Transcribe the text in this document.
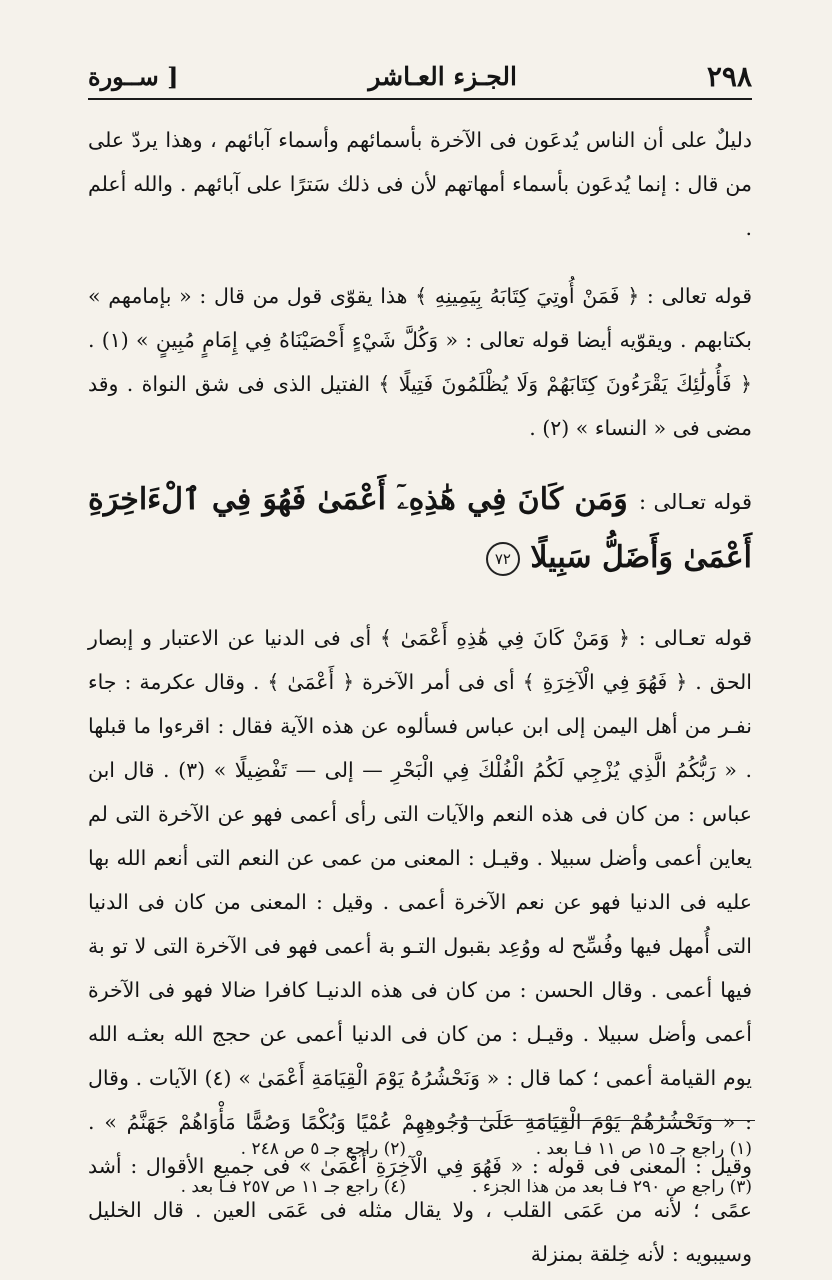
٢٩٨
الجـزء العـاشر
[ ســورة

دليلٌ على أن الناس يُدعَون فى الآخرة بأسمائهم وأسماء آبائهم ، وهذا يردّ على من قال : إنما يُدعَون بأسماء أمهاتهم لأن فى ذلك سَترًا على آبائهم . والله أعلم .

قوله تعالى : ﴿ فَمَنْ أُوتِيَ كِتَابَهُ بِيَمِينِهِ ﴾ هذا يقوّى قول من قال : « بإمامهم » بكتابهم . ويقوّيه أيضا قوله تعالى : « وَكُلَّ شَيْءٍ أَحْصَيْنَاهُ فِي إِمَامٍ مُبِينٍ » (١) . ﴿ فَأُولَٰئِكَ يَقْرَءُونَ كِتَابَهُمْ وَلَا يُظْلَمُونَ فَتِيلًا ﴾ الفتيل الذى فى شق النواة . وقد مضى فى « النساء » (٢) .

قوله تعـالى : وَمَن كَانَ فِي هَٰذِهِۦٓ أَعْمَىٰ فَهُوَ فِي ٱلْءَاخِرَةِ أَعْمَىٰ وَأَضَلُّ سَبِيلًا ٧٢

قوله تعـالى : ﴿ وَمَنْ كَانَ فِي هَٰذِهِ أَعْمَىٰ ﴾ أى فى الدنيا عن الاعتبار و إبصار الحق . ﴿ فَهُوَ فِي الْآخِرَةِ ﴾ أى فى أمر الآخرة ﴿ أَعْمَىٰ ﴾ . وقال عكرمة : جاء نفـر من أهل اليمن إلى ابن عباس فسألوه عن هذه الآية فقال : اقرءوا ما قبلها . « رَبُّكُمُ الَّذِي يُزْجِي لَكُمُ الْفُلْكَ فِي الْبَحْرِ — إلى — تَفْضِيلًا » (٣) . قال ابن عباس : من كان فى هذه النعم والآيات التى رأى أعمى فهو عن الآخرة التى لم يعاين أعمى وأضل سبيلا . وقيـل : المعنى من عمى عن النعم التى أنعم الله بها عليه فى الدنيا فهو عن نعم الآخرة أعمى . وقيل : المعنى من كان فى الدنيا التى أُمهل فيها وفُسِّح له ووُعِد بقبول التـو بة أعمى فهو فى الآخرة التى لا تو بة فيها أعمى . وقال الحسن : من كان فى هذه الدنيـا كافرا ضالا فهو فى الآخرة أعمى وأضل سبيلا . وقيـل : من كان فى الدنيا أعمى عن حجج الله بعثـه الله يوم القيامة أعمى ؛ كما قال : « وَنَحْشُرُهُ يَوْمَ الْقِيَامَةِ أَعْمَىٰ » (٤) الآيات . وقال : « وَنَحْشُرُهُمْ يَوْمَ الْقِيَامَةِ عَلَىٰ وُجُوهِهِمْ عُمْيًا وَبُكْمًا وَصُمًّا مَأْوَاهُمْ جَهَنَّمُ » . وقيل : المعنى فى قوله : « فَهُوَ فِي الْآخِرَةِ أَعْمَىٰ » فى جميع الأقوال : أشد عمًى ؛ لأنه من عَمَى القلب ، ولا يقال مثله فى عَمَى العين . قال الخليل وسيبويه : لأنه خِلقة بمنزلة

(١) راجع جـ ١٥ ص ١١ فـا بعد .
(٢) راجع جـ ٥ ص ٢٤٨ .
(٣) راجع ص ٢٩٠ فـا بعد من هذا الجزء .
(٤) راجع جـ ١١ ص ٢٥٧ فـا بعد .
